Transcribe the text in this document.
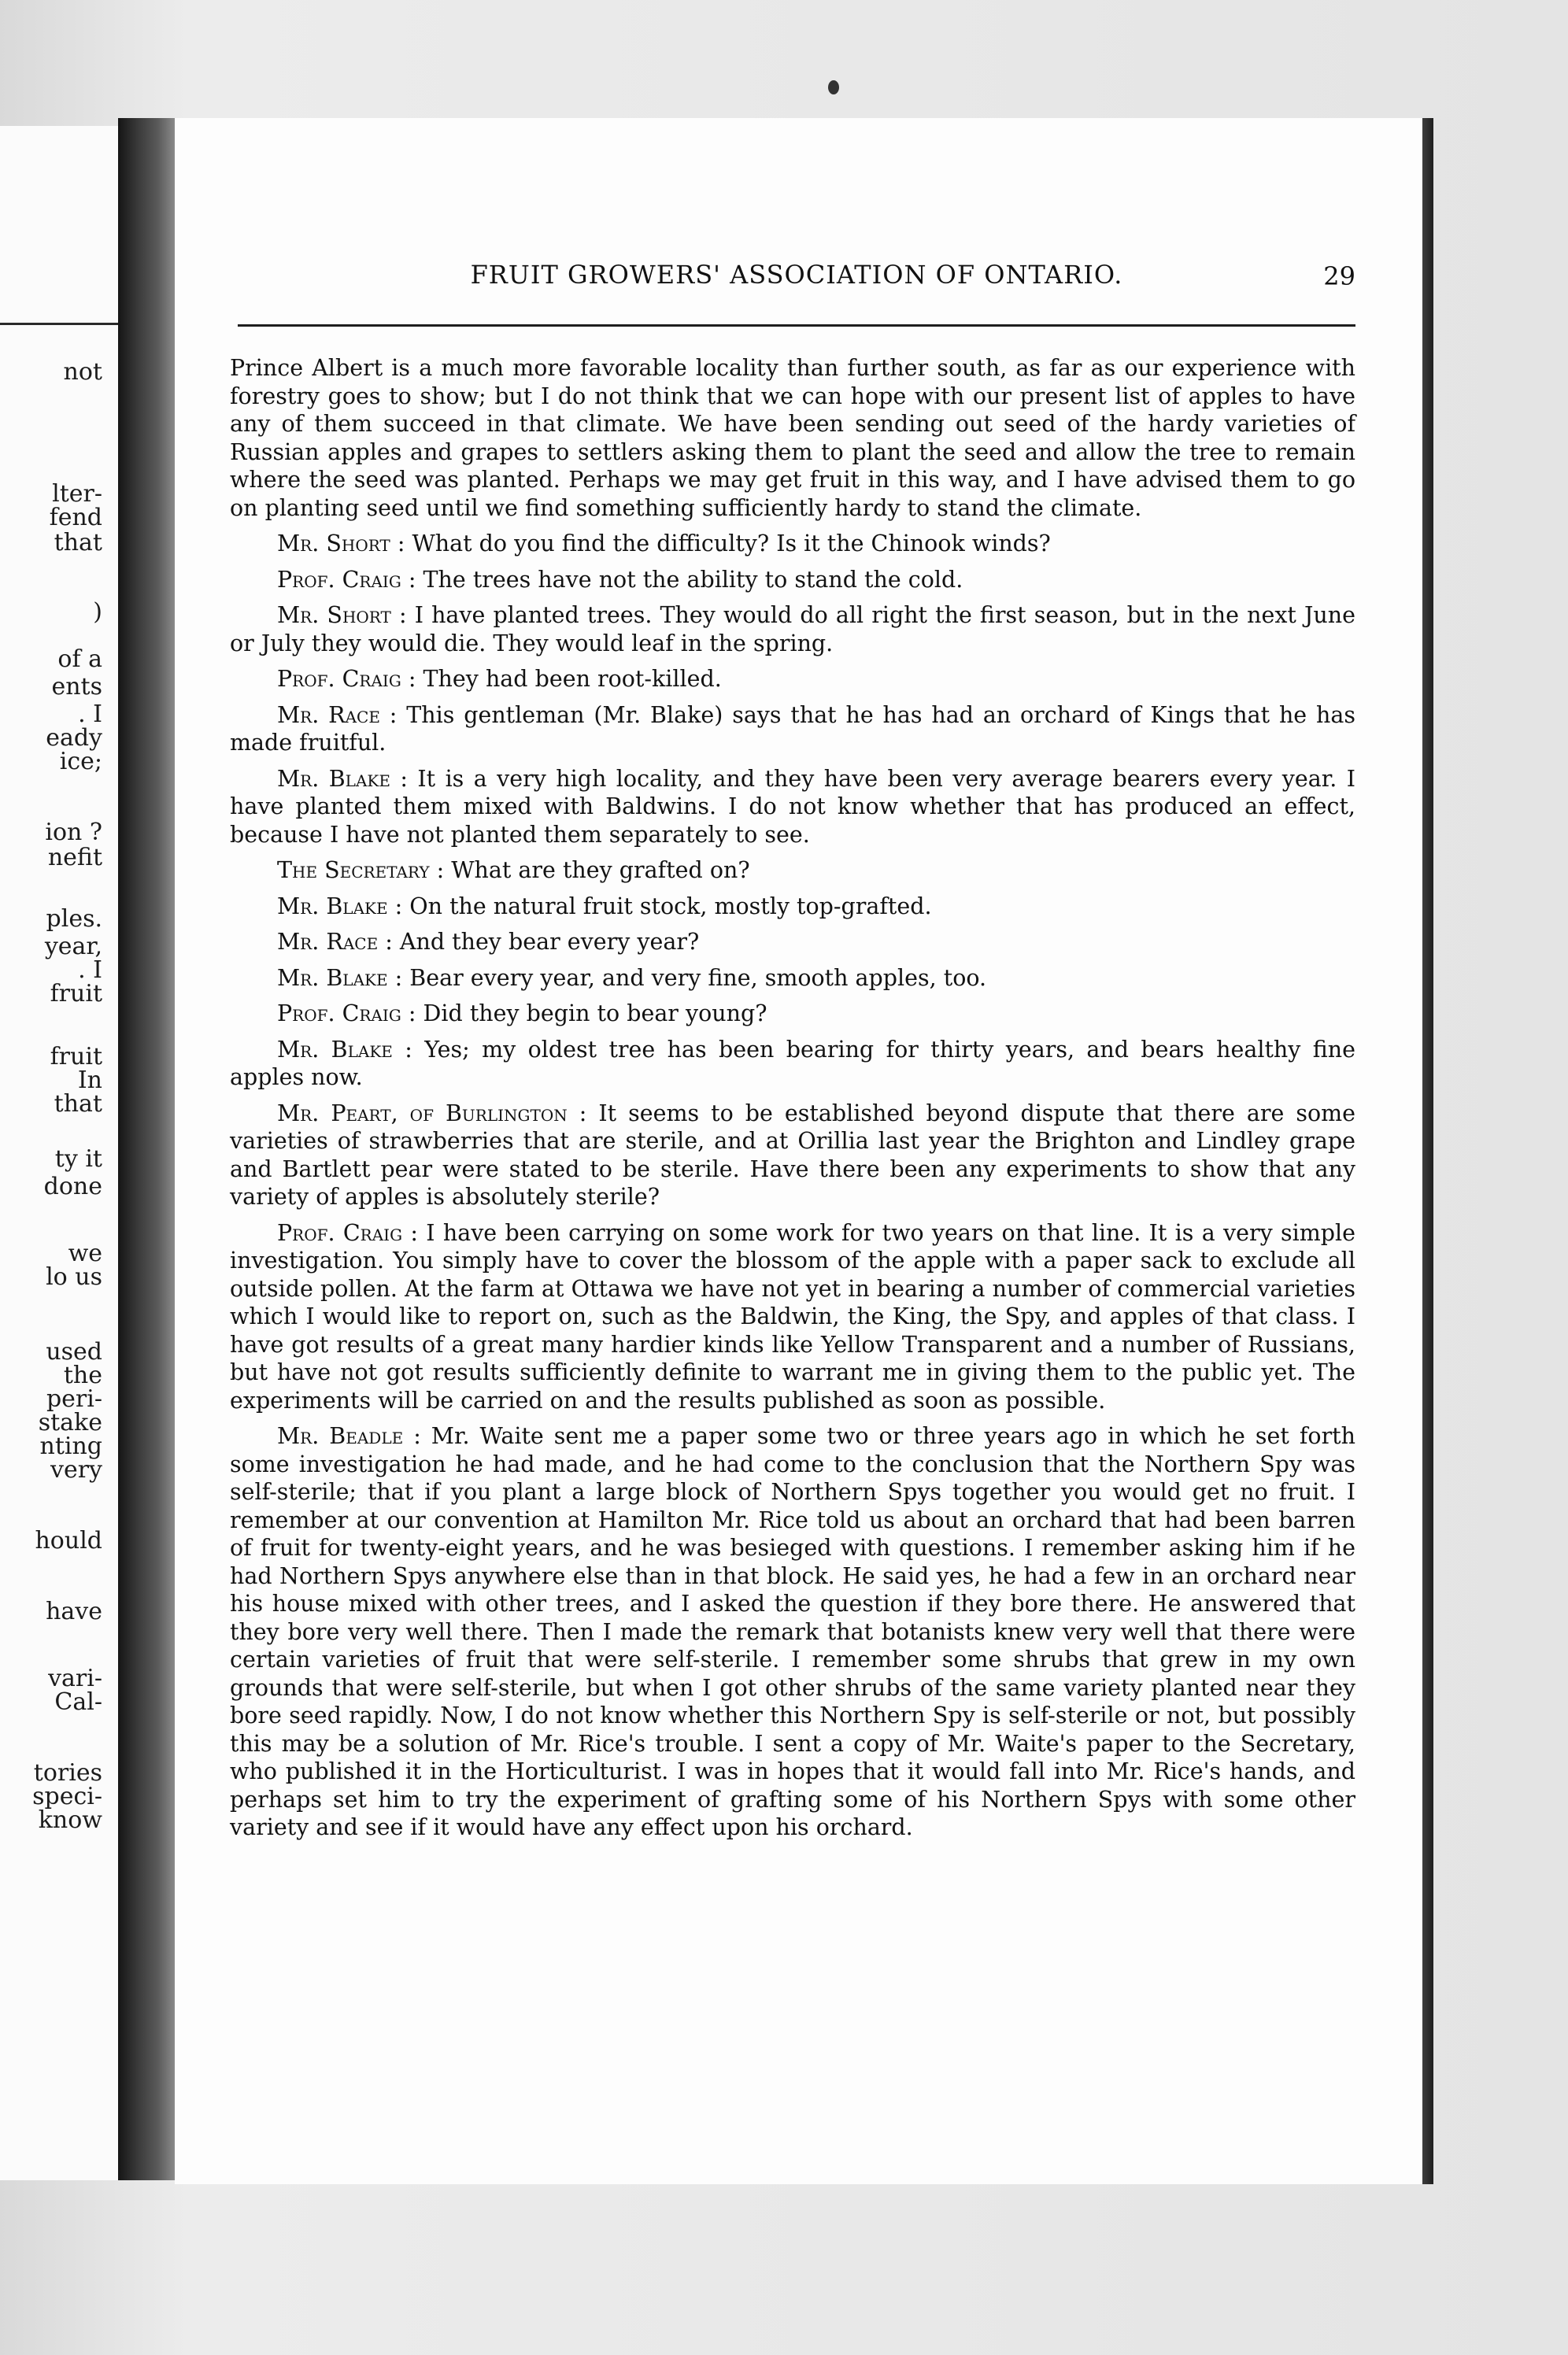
not
lter-
fend
that
)
of a
ents
. I
eady
ice;
ion ?
nefit
ples.
year,
. I
fruit
fruit
In
that
ty it
done
we
lo us
used
the
peri-
stake
nting
very
hould
have
vari-
Cal-
tories
speci-
know
FRUIT GROWERS' ASSOCIATION OF ONTARIO.	29

Prince Albert is a much more favorable locality than further south, as far as our experience with forestry goes to show; but I do not think that we can hope with our present list of apples to have any of them succeed in that climate. We have been sending out seed of the hardy varieties of Russian apples and grapes to settlers asking them to plant the seed and allow the tree to remain where the seed was planted. Perhaps we may get fruit in this way, and I have advised them to go on planting seed until we find something sufficiently hardy to stand the climate.

Mr. Short : What do you find the difficulty? Is it the Chinook winds?

Prof. Craig : The trees have not the ability to stand the cold.

Mr. Short : I have planted trees. They would do all right the first season, but in the next June or July they would die. They would leaf in the spring.

Prof. Craig : They had been root-killed.

Mr. Race : This gentleman (Mr. Blake) says that he has had an orchard of Kings that he has made fruitful.

Mr. Blake : It is a very high locality, and they have been very average bearers every year. I have planted them mixed with Baldwins. I do not know whether that has produced an effect, because I have not planted them separately to see.

The Secretary : What are they grafted on?

Mr. Blake : On the natural fruit stock, mostly top-grafted.

Mr. Race : And they bear every year?

Mr. Blake : Bear every year, and very fine, smooth apples, too.

Prof. Craig : Did they begin to bear young?

Mr. Blake : Yes; my oldest tree has been bearing for thirty years, and bears healthy fine apples now.

Mr. Peart, of Burlington : It seems to be established beyond dispute that there are some varieties of strawberries that are sterile, and at Orillia last year the Brighton and Lindley grape and Bartlett pear were stated to be sterile. Have there been any experiments to show that any variety of apples is absolutely sterile?

Prof. Craig : I have been carrying on some work for two years on that line. It is a very simple investigation. You simply have to cover the blossom of the apple with a paper sack to exclude all outside pollen. At the farm at Ottawa we have not yet in bearing a number of commercial varieties which I would like to report on, such as the Baldwin, the King, the Spy, and apples of that class. I have got results of a great many hardier kinds like Yellow Transparent and a number of Russians, but have not got results sufficiently definite to warrant me in giving them to the public yet. The experiments will be carried on and the results published as soon as possible.

Mr. Beadle : Mr. Waite sent me a paper some two or three years ago in which he set forth some investigation he had made, and he had come to the conclusion that the Northern Spy was self-sterile; that if you plant a large block of Northern Spys together you would get no fruit. I remember at our convention at Hamilton Mr. Rice told us about an orchard that had been barren of fruit for twenty-eight years, and he was besieged with questions. I remember asking him if he had Northern Spys anywhere else than in that block. He said yes, he had a few in an orchard near his house mixed with other trees, and I asked the question if they bore there. He answered that they bore very well there. Then I made the remark that botanists knew very well that there were certain varieties of fruit that were self-sterile. I remember some shrubs that grew in my own grounds that were self-sterile, but when I got other shrubs of the same variety planted near they bore seed rapidly. Now, I do not know whether this Northern Spy is self-sterile or not, but possibly this may be a solution of Mr. Rice's trouble. I sent a copy of Mr. Waite's paper to the Secretary, who published it in the Horticulturist. I was in hopes that it would fall into Mr. Rice's hands, and perhaps set him to try the experiment of grafting some of his Northern Spys with some other variety and see if it would have any effect upon his orchard.
